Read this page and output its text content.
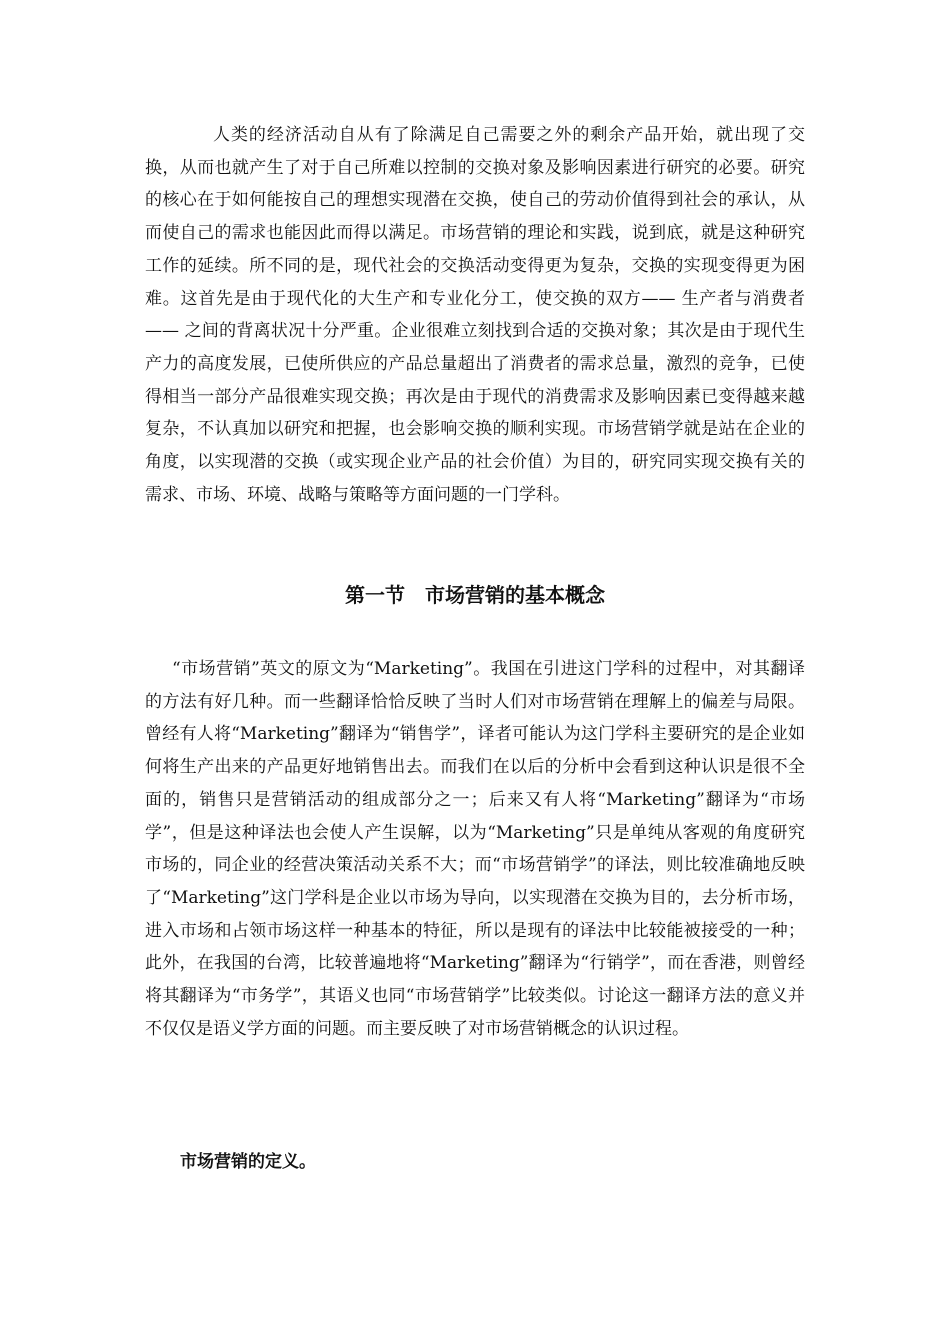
人类的经济活动自从有了除满足自己需要之外的剩余产品开始，就出现了交换，从而也就产生了对于自己所难以控制的交换对象及影响因素进行研究的必要。研究的核心在于如何能按自己的理想实现潜在交换，使自己的劳动价值得到社会的承认，从而使自己的需求也能因此而得以满足。市场营销的理论和实践，说到底，就是这种研究工作的延续。所不同的是，现代社会的交换活动变得更为复杂，交换的实现变得更为困难。这首先是由于现代化的大生产和专业化分工，使交换的双方—— 生产者与消费者—— 之间的背离状况十分严重。企业很难立刻找到合适的交换对象；其次是由于现代生产力的高度发展，已使所供应的产品总量超出了消费者的需求总量，激烈的竞争，已使得相当一部分产品很难实现交换；再次是由于现代的消费需求及影响因素已变得越来越复杂，不认真加以研究和把握，也会影响交换的顺利实现。市场营销学就是站在企业的角度，以实现潜的交换（或实现企业产品的社会价值）为目的，研究同实现交换有关的需求、市场、环境、战略与策略等方面问题的一门学科。

第一节　市场营销的基本概念

“市场营销”英文的原文为“Marketing”。我国在引进这门学科的过程中，对其翻译的方法有好几种。而一些翻译恰恰反映了当时人们对市场营销在理解上的偏差与局限。曾经有人将“Marketing”翻译为“销售学”，译者可能认为这门学科主要研究的是企业如何将生产出来的产品更好地销售出去。而我们在以后的分析中会看到这种认识是很不全面的，销售只是营销活动的组成部分之一；后来又有人将“Marketing”翻译为“市场学”，但是这种译法也会使人产生误解，以为“Marketing”只是单纯从客观的角度研究市场的，同企业的经营决策活动关系不大；而“市场营销学”的译法，则比较准确地反映了“Marketing”这门学科是企业以市场为导向，以实现潜在交换为目的，去分析市场，进入市场和占领市场这样一种基本的特征，所以是现有的译法中比较能被接受的一种；此外，在我国的台湾，比较普遍地将“Marketing”翻译为“行销学”，而在香港，则曾经将其翻译为“市务学”，其语义也同“市场营销学”比较类似。讨论这一翻译方法的意义并不仅仅是语义学方面的问题。而主要反映了对市场营销概念的认识过程。

市场营销的定义。
